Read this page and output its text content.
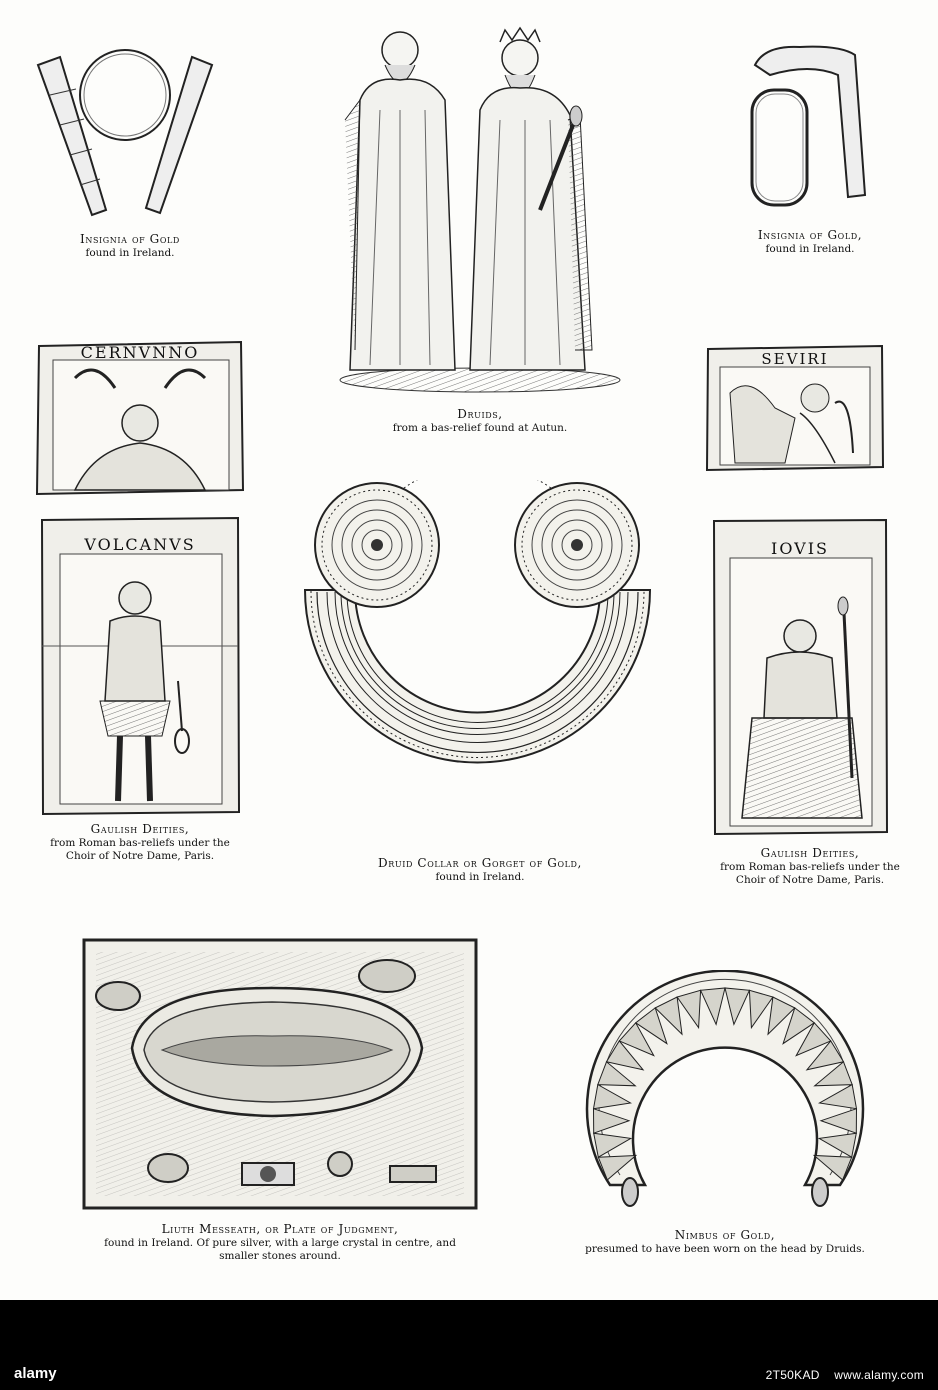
Insignia of Gold
found in Ireland.
Druids,
from a bas-relief found at Autun.
Insignia of Gold,
found in Ireland.
CERNVNNO	SEVIRI
VOLCANVS
Gaulish Deities,
from Roman bas-reliefs under the
Choir of Notre Dame, Paris.	Druid Collar or Gorget of Gold,
found in Ireland.
IOVIS
Gaulish Deities,
from Roman bas-reliefs under the
Choir of Notre Dame, Paris.
Liuth Messeath, or Plate of Judgment,
found in Ireland. Of pure silver, with a large crystal in centre, and
smaller stones around.
Nimbus of Gold,
presumed to have been worn on the head by Druids.
alamy	2T50KAD www.alamy.com
